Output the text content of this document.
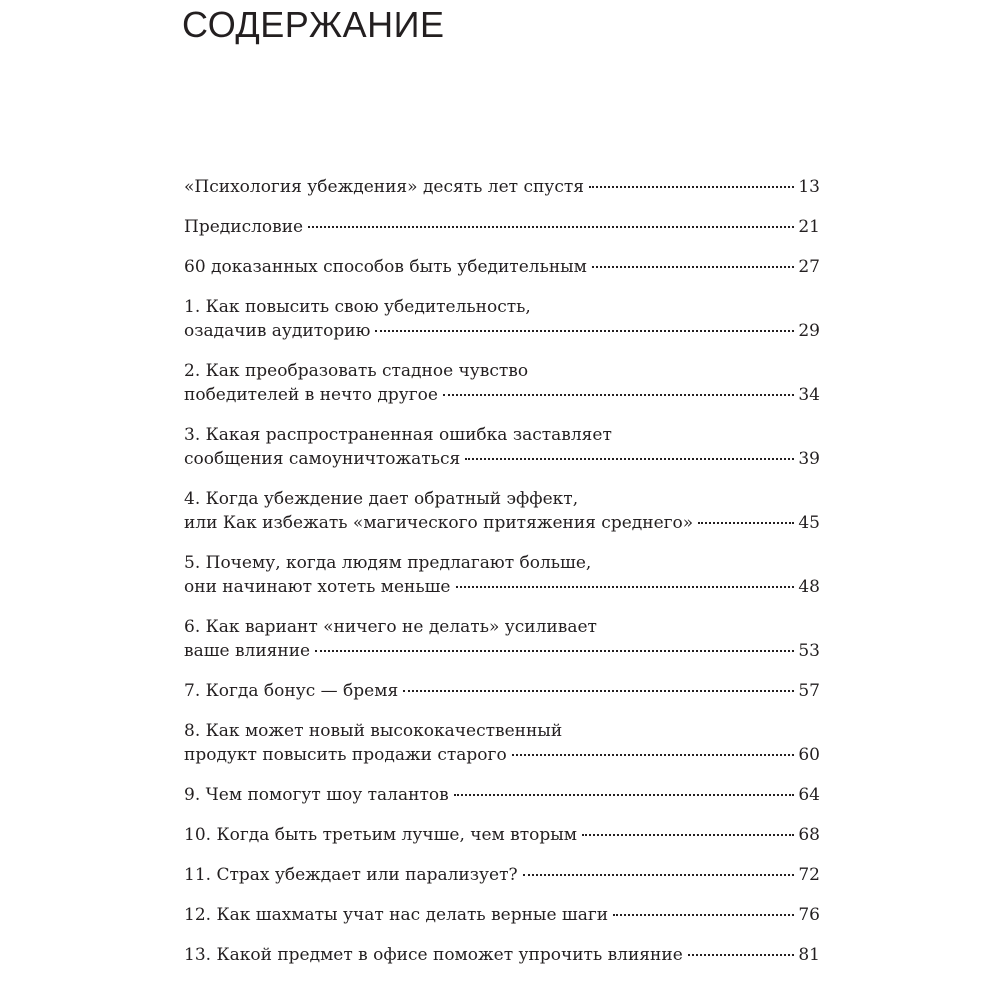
СОДЕРЖАНИЕ
«Психология убеждения» десять лет спустя	13
Предисловие	21
60 доказанных способов быть убедительным	27
1. Как повысить свою убедительность,
озадачив аудиторию	29
2. Как преобразовать стадное чувство
победителей в нечто другое	34
3. Какая распространенная ошибка заставляет
сообщения самоуничтожаться	39
4. Когда убеждение дает обратный эффект,
или Как избежать «магического притяжения среднего»	45
5. Почему, когда людям предлагают больше,
они начинают хотеть меньше	48
6. Как вариант «ничего не делать» усиливает
ваше влияние	53
7. Когда бонус — бремя	57
8. Как может новый высококачественный
продукт повысить продажи старого	60
9. Чем помогут шоу талантов	64
10. Когда быть третьим лучше, чем вторым	68
11. Страх убеждает или парализует?	72
12. Как шахматы учат нас делать верные шаги	76
13. Какой предмет в офисе поможет упрочить влияние	81
